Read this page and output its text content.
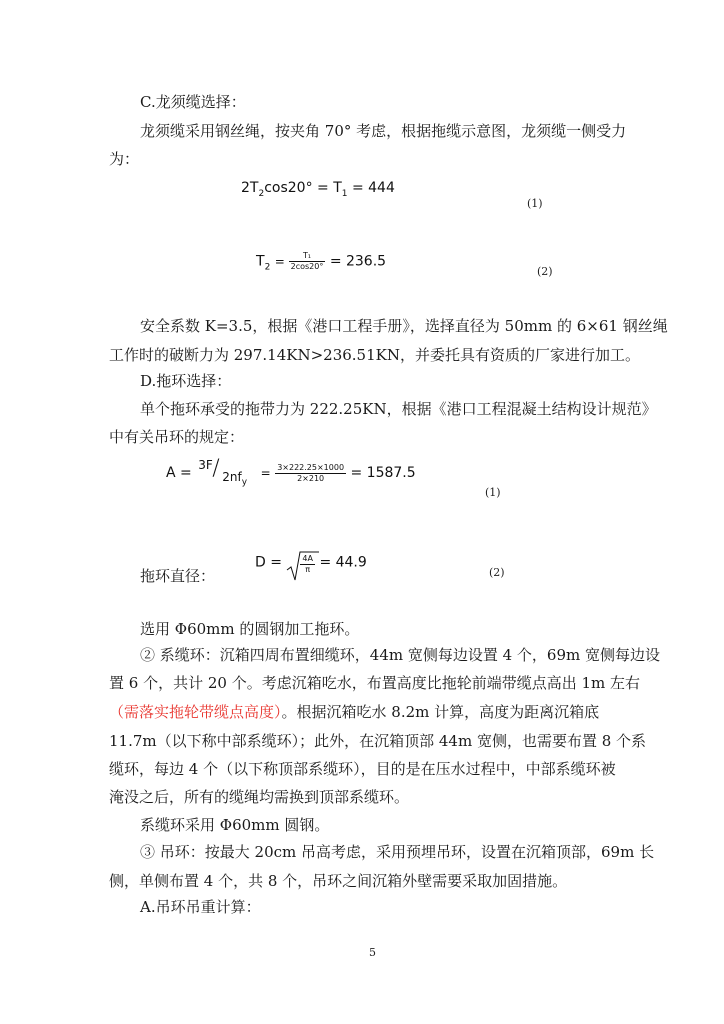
C.龙须缆选择：
龙须缆采用钢丝绳，按夹角 70° 考虑，根据拖缆示意图，龙须缆一侧受力
为：
$2T_2\cos 20^\circ = T_1 = 444$
(1)
$T_2 = \frac{\text{T₁}}{2\cos 20^\circ} = 236.5$
(2)
安全系数 K=3.5，根据《港口工程手册》，选择直径为 50mm 的 6×61 钢丝绳
工作时的破断力为 297.14KN>236.51KN，并委托具有资质的厂家进行加工。
D.拖环选择：
单个拖环承受的拖带力为 222.25KN，根据《港口工程混凝土结构设计规范》
中有关吊环的规定：
$A = 3F / 2nf_y$
= $\frac{3\times 222.25\times 1000}{2\times 210} = 1587.5$
(1)
拖环直径：
$D = \frac{4A}{\pi} = 44.9$
(2)
选用 Φ60mm 的圆钢加工拖环。
② 系缆环：沉箱四周布置细缆环，44m 宽侧每边设置 4 个，69m 宽侧每边设
置 6 个，共计 20 个。考虑沉箱吃水，布置高度比拖轮前端带缆点高出 1m 左右
（需落实拖轮带缆点高度）。根据沉箱吃水 8.2m 计算，高度为距离沉箱底
11.7m（以下称中部系缆环）；此外，在沉箱顶部 44m 宽侧，也需要布置 8 个系
缆环，每边 4 个（以下称顶部系缆环），目的是在压水过程中，中部系缆环被
淹没之后，所有的缆绳均需换到顶部系缆环。
系缆环采用 Φ60mm 圆钢。
③ 吊环：按最大 20cm 吊高考虑，采用预埋吊环，设置在沉箱顶部，69m 长
侧，单侧布置 4 个，共 8 个，吊环之间沉箱外壁需要采取加固措施。
A.吊环吊重计算：
5
